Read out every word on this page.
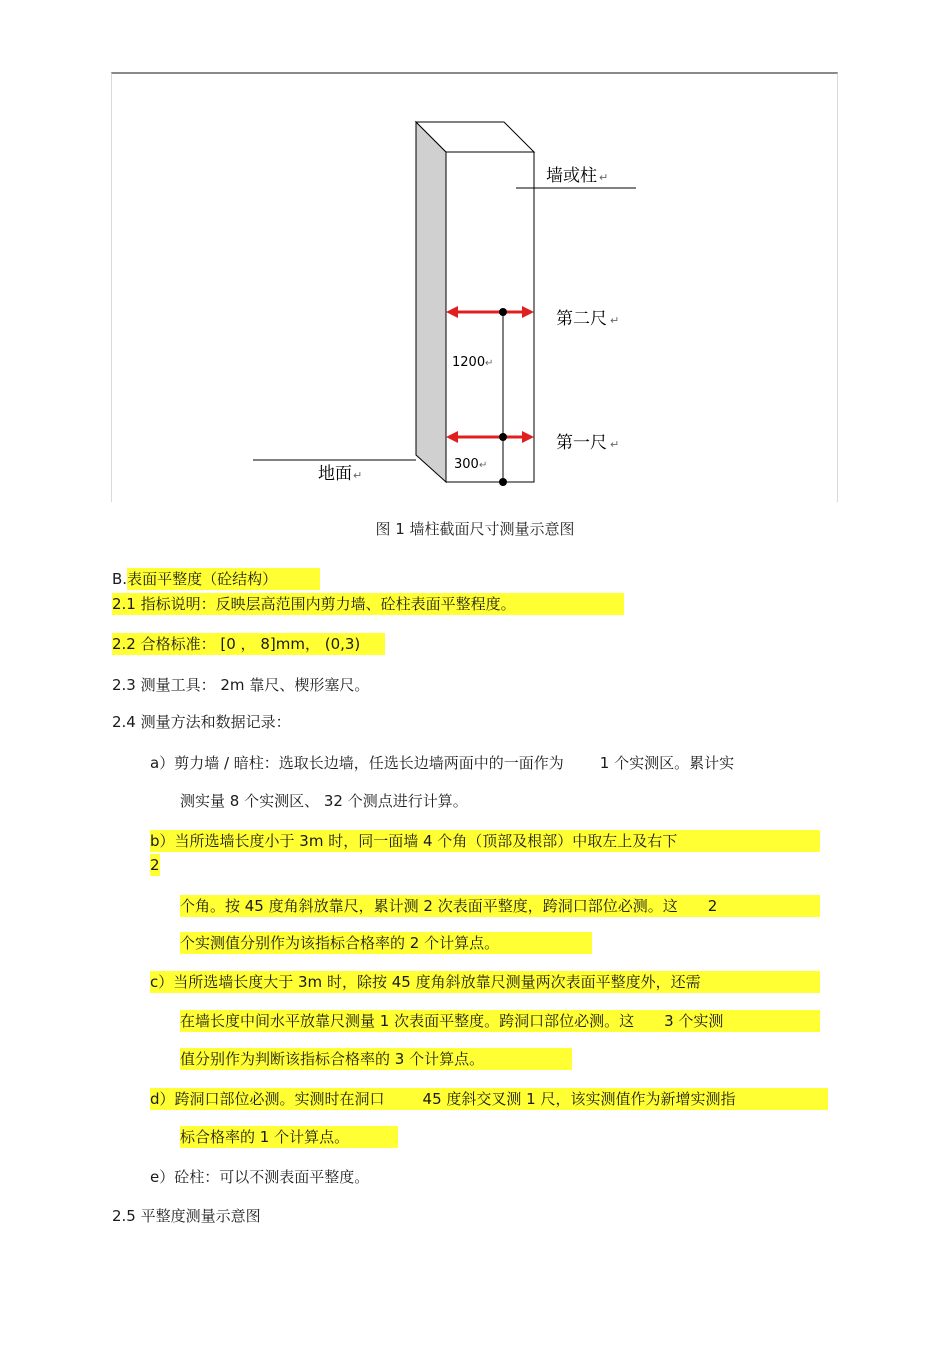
墙或柱 ↵
第二尺 ↵
第一尺 ↵
1200 ↵
300 ↵
地面 ↵
图 1 墙柱截面尺寸测量示意图
B.表面平整度（砼结构）
2.1 指标说明：反映层高范围内剪力墙、砼柱表面平整程度。
2.2 合格标准： [0 ， 8]mm， (0,3)
2.3 测量工具： 2m 靠尺、楔形塞尺。
2.4 测量方法和数据记录：
a）剪力墙 / 暗柱：选取长边墙，任选长边墙两面中的一面作为 1 个实测区。累计实
测实量 8 个实测区、 32 个测点进行计算。
b）当所选墙长度小于 3m 时，同一面墙 4 个角（顶部及根部）中取左上及右下
2
个角。按 45 度角斜放靠尺，累计测 2 次表面平整度，跨洞口部位必测。这 2
个实测值分别作为该指标合格率的 2 个计算点。
c）当所选墙长度大于 3m 时，除按 45 度角斜放靠尺测量两次表面平整度外，还需
在墙长度中间水平放靠尺测量 1 次表面平整度。跨洞口部位必测。这 3 个实测
值分别作为判断该指标合格率的 3 个计算点。
d）跨洞口部位必测。实测时在洞口	45 度斜交叉测 1 尺，该实测值作为新增实测指
标合格率的 1 个计算点。
e）砼柱：可以不测表面平整度。
2.5 平整度测量示意图
